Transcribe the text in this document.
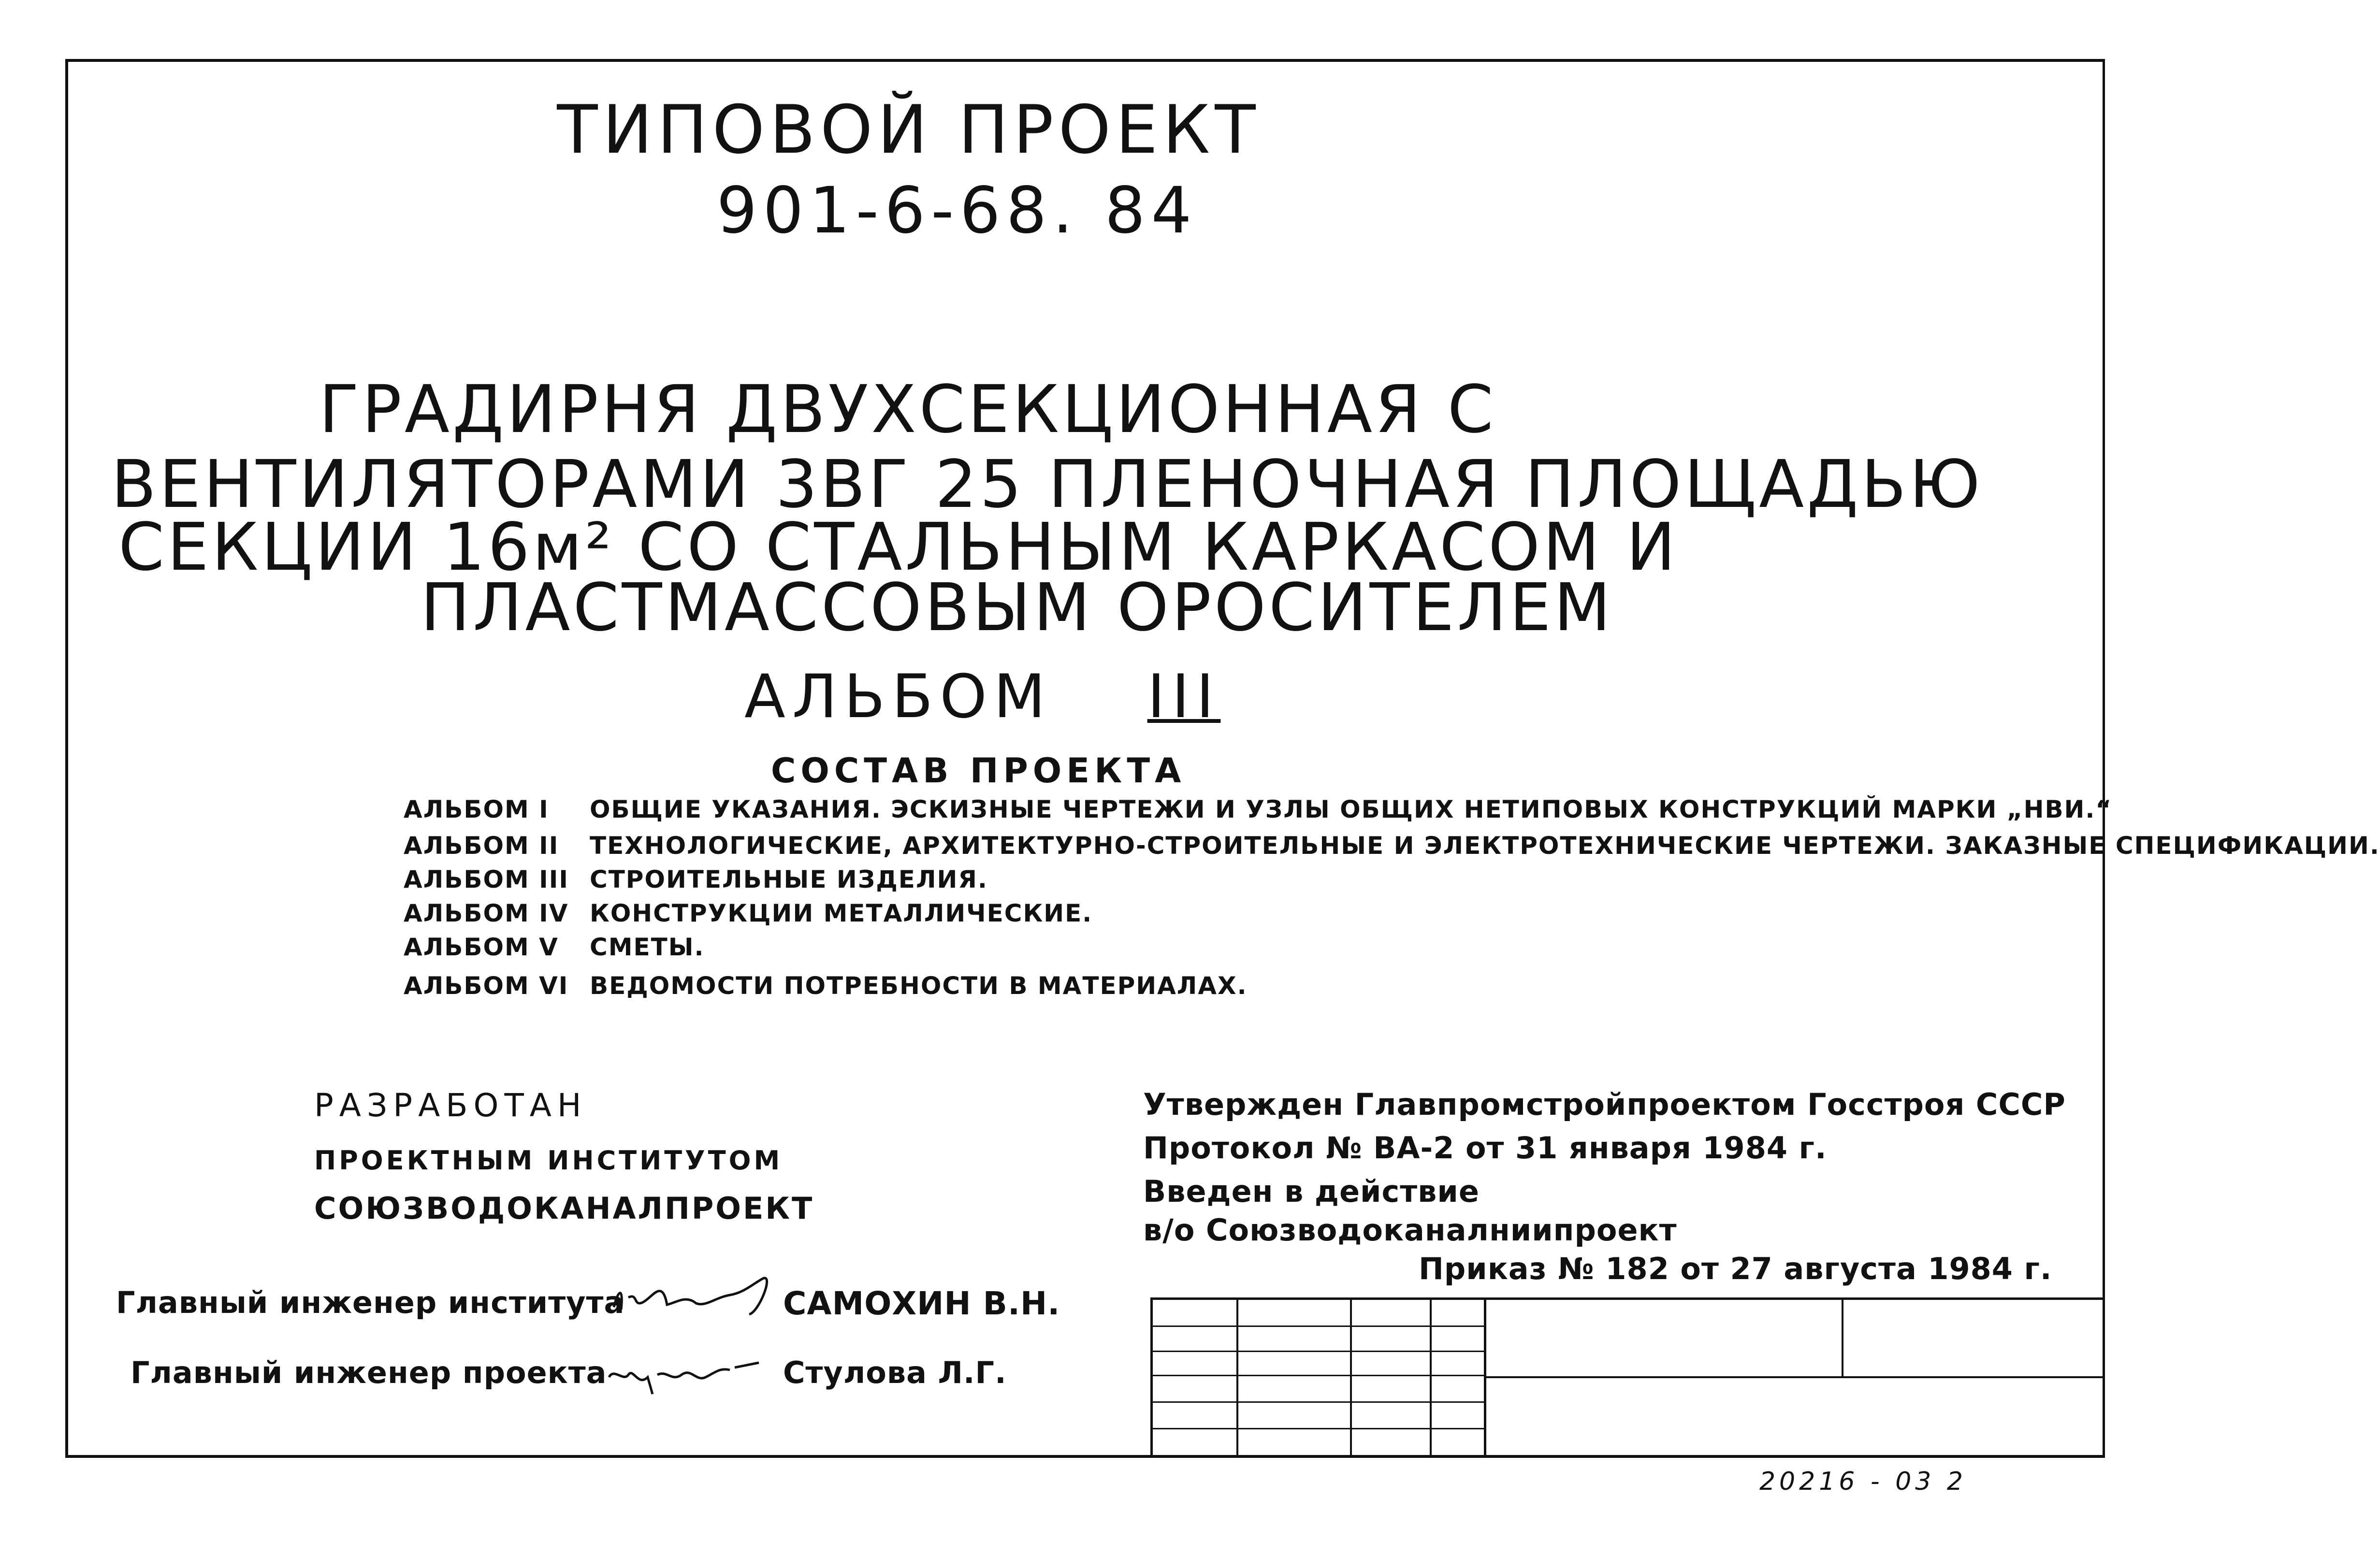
ТИПОВОЙ ПРОЕКТ
901-6-68. 84
ГРАДИРНЯ ДВУХСЕКЦИОННАЯ С
ВЕНТИЛЯТОРАМИ 3ВГ 25 ПЛЕНОЧНАЯ ПЛОЩАДЬЮ
СЕКЦИИ 16м² СО СТАЛЬНЫМ КАРКАСОМ И
ПЛАСТМАССОВЫМ ОРОСИТЕЛЕМ
АЛЬБОМ III
СОСТАВ ПРОЕКТА
АЛЬБОМ I ОБЩИЕ УКАЗАНИЯ. ЭСКИЗНЫЕ ЧЕРТЕЖИ И УЗЛЫ ОБЩИХ НЕТИПОВЫХ КОНСТРУКЦИЙ МАРКИ „НВИ.“
АЛЬБОМ II ТЕХНОЛОГИЧЕСКИЕ, АРХИТЕКТУРНО-СТРОИТЕЛЬНЫЕ И ЭЛЕКТРОТЕХНИЧЕСКИЕ ЧЕРТЕЖИ. ЗАКАЗНЫЕ СПЕЦИФИКАЦИИ.
АЛЬБОМ III СТРОИТЕЛЬНЫЕ ИЗДЕЛИЯ.
АЛЬБОМ IV КОНСТРУКЦИИ МЕТАЛЛИЧЕСКИЕ.
АЛЬБОМ V СМЕТЫ.
АЛЬБОМ VI ВЕДОМОСТИ ПОТРЕБНОСТИ В МАТЕРИАЛАХ.
РАЗРАБОТАН
ПРОЕКТНЫМ ИНСТИТУТОМ
СОЮЗВОДОКАНАЛПРОЕКТ
Утвержден Главпромстройпроектом Госстроя СССР
Протокол № ВА-2 от 31 января 1984 г.
Введен в действие
в/о Союзводоканалниипроект
Приказ № 182 от 27 августа 1984 г.
Главный инженер института	САМОХИН В.Н.
Главный инженер проекта	Стулова Л.Г.
20216 - 03 2
